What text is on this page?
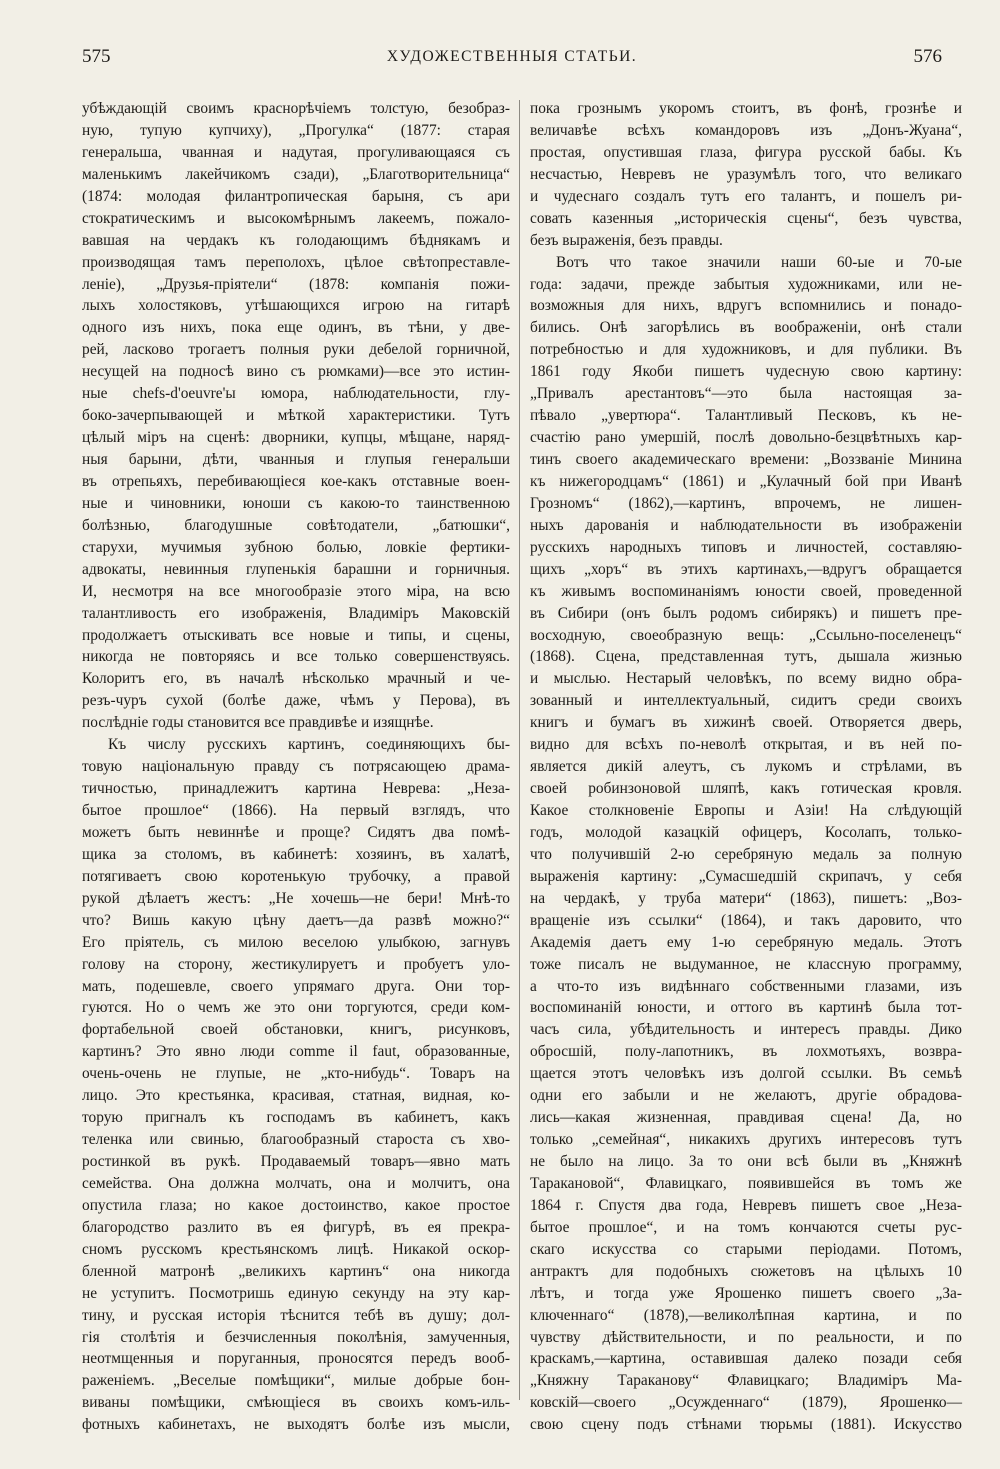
575	ХУДОЖЕСТВЕННЫЯ СТАТЬИ.	576
убѣждающій своимъ краснорѣчіемъ толстую, безобраз-
ную, тупую купчиху), „Прогулка“ (1877: старая
генеральша, чванная и надутая, прогуливающаяся съ
маленькимъ лакейчикомъ сзади), „Благотворительница“
(1874: молодая филантропическая барыня, съ ари
стократическимъ и высокомѣрнымъ лакеемъ, пожало-
вавшая на чердакъ къ голодающимъ бѣднякамъ и
производящая тамъ переполохъ, цѣлое свѣтопреставле-
леніе), „Друзья-пріятели“ (1878: компанія пожи-
лыхъ холостяковъ, утѣшающихся игрою на гитарѣ
одного изъ нихъ, пока еще одинъ, въ тѣни, у двe-
рей, ласково трогаетъ полныя руки дебелой горничной,
несущей на подносѣ вино съ рюмками)—все это истин-
ные chefs-d'oeuvre'ы юмора, наблюдательности, глу-
боко-зачерпывающей и мѣткой характеристики. Тутъ
цѣлый міръ на сценѣ: дворники, купцы, мѣщане, наряд-
ныя барыни, дѣти, чванныя и глупыя генеральши
въ отрепьяхъ, перебивающіеся кое-какъ отставные воен-
ные и чиновники, юноши съ какою-то таинственною
болѣзнью, благодушные совѣтодатели, „батюшки“,
старухи, мучимыя зубною болью, ловкіе фертики-
адвокаты, невинныя глупенькія барашни и горничныя.
И, несмотря на все многообразіе этого міра, на всю
талантливость его изображенія, Владиміръ Маковскій
продолжаетъ отыскивать все новые и типы, и сцены,
никогда не повторяясь и все только совершенствуясь.
Колоритъ его, въ началѣ нѣсколько мрачный и че-
резъ-чуръ сухой (болѣе даже, чѣмъ у Перова), въ
послѣдніе годы становится все правдивѣе и изящнѣе.
Къ числу русскихъ картинъ, соединяющихъ бы-
товую національную правду съ потрясающею драма-
тичностью, принадлежитъ картина Неврева: „Неза-
бытое прошлое“ (1866). На первый взглядъ, что
можетъ быть невиннѣе и проще? Сидятъ два помѣ-
щика за столомъ, въ кабинетѣ: хозяинъ, въ халатѣ,
потягиваетъ свою коротенькую трубочку, а правой
рукой дѣлаетъ жестъ: „Не хочешь—не бери! Мнѣ-то
что? Вишь какую цѣну даетъ—да развѣ можно?“
Его пріятель, съ милою веселою улыбкою, загнувъ
голову на сторону, жестикулируетъ и пробуетъ уло-
мать, подешевле, своего упрямаго друга. Они тор-
гуются. Но о чемъ же это они торгуются, среди ком-
фортабельной своей обстановки, книгъ, рисунковъ,
картинъ? Это явно люди comme il faut, образованные,
очень-очень не глупые, не „кто-нибудь“. Товаръ на
лицо. Это крестьянка, красивая, статная, видная, ко-
торую пригналъ къ господамъ въ кабинетъ, какъ
теленка или свинью, благообразный староста съ хво-
ростинкой въ рукѣ. Продаваемый товаръ—явно мать
семейства. Она должна молчать, она и молчитъ, она
опустила глаза; но какое достоинство, какое простое
благородство разлито въ ея фигурѣ, въ ея прекра-
сномъ русскомъ крестьянскомъ лицѣ. Никакой оскор-
бленной матронѣ „великихъ картинъ“ она никогда
не уступитъ. Посмотришь единую секунду на эту кар-
тину, и русская исторія тѣснится тебѣ въ душу; дол-
гія столѣтія и безчисленныя поколѣнія, замученныя,
неотмщенныя и поруганныя, проносятся передъ вооб-
раженіемъ. „Веселые помѣщики“, милые добрые бон-
виваны помѣщики, смѣющіеся въ своихъ комъ-иль-
фотныхъ кабинетахъ, не выходятъ болѣе изъ мысли,
пока грознымъ укоромъ стоитъ, въ фонѣ, грознѣе и
величавѣе всѣхъ командоровъ изъ „Донъ-Жуана“,
простая, опустившая глаза, фигура русской бабы. Къ
несчастью, Невревъ не уразумѣлъ того, что великаго
и чудеснаго создалъ тутъ его талантъ, и пошелъ ри-
совать казенныя „историческія сцены“, безъ чувства,
безъ выраженія, безъ правды.
Вотъ что такое значили наши 60-ые и 70-ые
года: задачи, прежде забытыя художниками, или не-
возможныя для нихъ, вдругъ вспомнились и понадо-
бились. Онѣ загорѣлись въ воображеніи, онѣ стали
потребностью и для художниковъ, и для публики. Въ
1861 году Якоби пишетъ чудесную свою картину:
„Привалъ арестантовъ“—это была настоящая за-
пѣвало „увертюра“. Талантливый Песковъ, къ не-
счастію рано умершій, послѣ довольно-безцвѣтныхъ кар-
тинъ своего академическаго времени: „Воззваніе Минина
къ нижегородцамъ“ (1861) и „Кулачный бой при Иванѣ
Грозномъ“ (1862),—картинъ, впрочемъ, не лишен-
ныхъ дарованія и наблюдательности въ изображеніи
русскихъ народныхъ типовъ и личностей, составляю-
щихъ „хоръ“ въ этихъ картинахъ,—вдругъ обращается
къ живымъ воспоминаніямъ юности своей, проведенной
въ Сибири (онъ былъ родомъ сибирякъ) и пишетъ пре-
восходную, своеобразную вещь: „Ссыльно-поселенецъ“
(1868). Сцена, представленная тутъ, дышала жизнью
и мыслью. Нестарый человѣкъ, по всему видно обра-
зованный и интеллектуальный, сидитъ среди своихъ
книгъ и бумагъ въ хижинѣ своей. Отворяется дверь,
видно для всѣхъ по-неволѣ открытая, и въ ней по-
является дикій алеутъ, съ лукомъ и стрѣлами, въ
своей робинзоновой шляпѣ, какъ готическая кровля.
Какое столкновеніе Европы и Азіи! На слѣдующій
годъ, молодой казацкій офицеръ, Косолапъ, только-
что получившій 2-ю серебряную медаль за полную
выраженія картину: „Сумасшедшій скрипачъ, у себя
на чердакѣ, у труба матери“ (1863), пишетъ: „Воз-
вращеніе изъ ссылки“ (1864), и такъ даровито, что
Академія даетъ ему 1-ю серебряную медаль. Этотъ
тоже писалъ не выдуманное, не классную программу,
а что-то изъ видѣннаго собственными глазами, изъ
воспоминаній юности, и оттого въ картинѣ была тот-
часъ сила, убѣдительность и интересъ правды. Дико
обросшій, полу-лапотникъ, въ лохмотьяхъ, возвра-
щается этотъ человѣкъ изъ долгой ссылки. Въ семьѣ
одни его забыли и не желаютъ, другіе обрадова-
лись—какая жизненная, правдивая сцена! Да, но
только „семейная“, никакихъ другихъ интересовъ тутъ
не было на лицо. За то они всѣ были въ „Княжнѣ
Таракановой“, Флавицкаго, появившейся въ томъ же
1864 г. Спустя два года, Невревъ пишетъ свое „Неза-
бытое прошлое“, и на томъ кончаются счеты рус-
скаго искусства со старыми періодами. Потомъ,
антрактъ для подобныхъ сюжетовъ на цѣлыхъ 10
лѣтъ, и тогда уже Ярошенко пишетъ своего „За-
ключеннаго“ (1878),—великолѣпная картина, и по
чувству дѣйствительности, и по реальности, и по
краскамъ,—картина, оставившая далеко позади себя
„Княжну Тараканову“ Флавицкаго; Владиміръ Ма-
ковскій—своего „Осужденнаго“ (1879), Ярошенко—
свою сцену подъ стѣнами тюрьмы (1881). Искусство
